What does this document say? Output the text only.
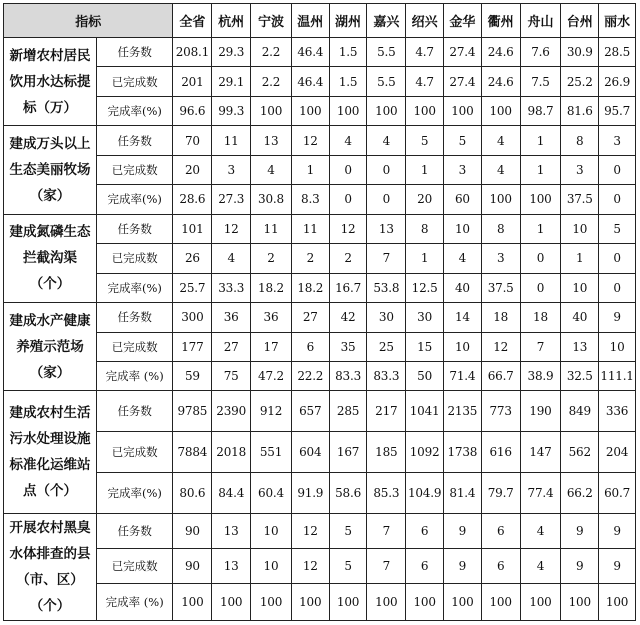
指标		全省	杭州	宁波	温州	湖州	嘉兴	绍兴	金华	衢州	舟山	台州	丽水
新增农村居民饮用水达标提标（万）	任务数	208.1	29.3	2.2	46.4	1.5	5.5	4.7	27.4	24.6	7.6	30.9	28.5
	已完成数	201	29.1	2.2	46.4	1.5	5.5	4.7	27.4	24.6	7.5	25.2	26.9
	完成率(%)	96.6	99.3	100	100	100	100	100	100	100	98.7	81.6	95.7
建成万头以上生态美丽牧场（家）	任务数	70	11	13	12	4	4	5	5	4	1	8	3
	已完成数	20	3	4	1	0	0	1	3	4	1	3	0
	完成率(%)	28.6	27.3	30.8	8.3	0	0	20	60	100	100	37.5	0
建成氮磷生态拦截沟渠（个）	任务数	101	12	11	11	12	13	8	10	8	1	10	5
	已完成数	26	4	2	2	2	7	1	4	3	0	1	0
	完成率(%)	25.7	33.3	18.2	18.2	16.7	53.8	12.5	40	37.5	0	10	0
建成水产健康养殖示范场（家）	任务数	300	36	36	27	42	30	30	14	18	18	40	9
	已完成数	177	27	17	6	35	25	15	10	12	7	13	10
	完成率 (%)	59	75	47.2	22.2	83.3	83.3	50	71.4	66.7	38.9	32.5	111.1
建成农村生活污水处理设施标准化运维站点（个）	任务数	9785	2390	912	657	285	217	1041	2135	773	190	849	336
	已完成数	7884	2018	551	604	167	185	1092	1738	616	147	562	204
	完成率(%)	80.6	84.4	60.4	91.9	58.6	85.3	104.9	81.4	79.7	77.4	66.2	60.7
开展农村黑臭水体排查的县（市、区）（个）	任务数	90	13	10	12	5	7	6	9	6	4	9	9
	已完成数	90	13	10	12	5	7	6	9	6	4	9	9
	完成率 (%)	100	100	100	100	100	100	100	100	100	100	100	100
